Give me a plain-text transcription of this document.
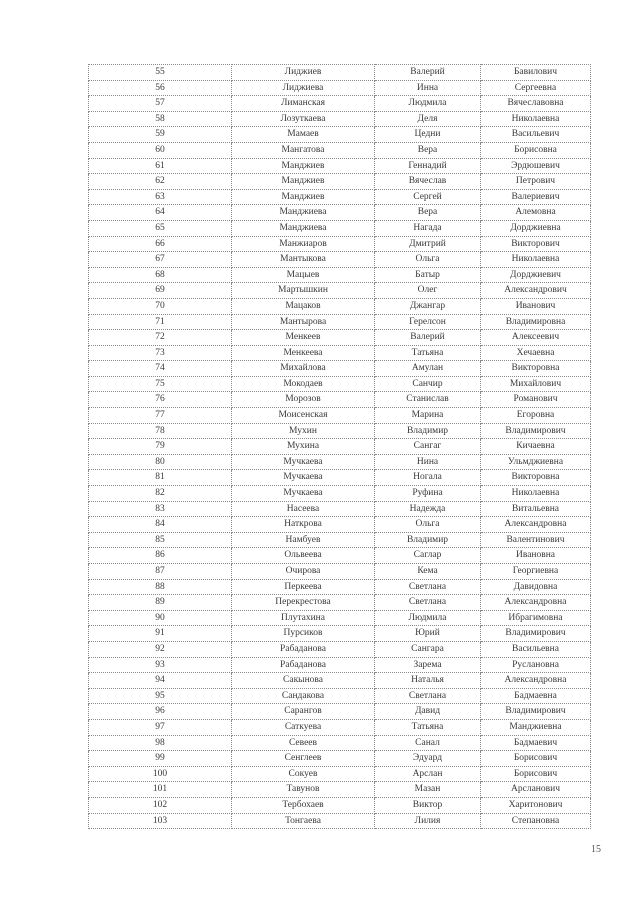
55	Лиджиев	Валерий	Бавилович
56	Лиджиева	Инна	Сергеевна
57	Лиманская	Людмила	Вячеславовна
58	Лозуткаева	Деля	Николаевна
59	Мамаев	Цедни	Васильевич
60	Мангатова	Вера	Борисовна
61	Манджиев	Геннадий	Эрдюшевич
62	Манджиев	Вячеслав	Петрович
63	Манджиев	Сергей	Валериевич
64	Манджиева	Вера	Алемовна
65	Манджиева	Нагада	Дорджиевна
66	Манжиаров	Дмитрий	Викторович
67	Мантыкова	Ольга	Николаевна
68	Мацыев	Батыр	Дорджиевич
69	Мартышкин	Олег	Александрович
70	Мацаков	Джангар	Иванович
71	Мантырова	Герелсон	Владимировна
72	Менкеев	Валерий	Алексеевич
73	Менкеева	Татьяна	Хечаевна
74	Михайлова	Амулан	Викторовна
75	Мокодаев	Санчир	Михайлович
76	Морозов	Станислав	Романович
77	Моисенская	Марина	Егоровна
78	Мухин	Владимир	Владимирович
79	Мухина	Сангаг	Кичаевна
80	Мучкаева	Нина	Ульмджиевна
81	Мучкаева	Ногала	Викторовна
82	Мучкаева	Руфина	Николаевна
83	Насеева	Надежда	Витальевна
84	Наткрова	Ольга	Александровна
85	Намбуев	Владимир	Валентинович
86	Ольвеева	Саглар	Ивановна
87	Очирова	Кема	Георгиевна
88	Перкеева	Светлана	Давидовна
89	Перекрестова	Светлана	Александровна
90	Плутахина	Людмила	Ибрагимовна
91	Пурсиков	Юрий	Владимирович
92	Рабаданова	Сангара	Васильевна
93	Рабаданова	Зарема	Руслановна
94	Сакынова	Наталья	Александровна
95	Сандакова	Светлана	Бадмаевна
96	Сарангов	Давид	Владимирович
97	Саткуева	Татьяна	Манджиевна
98	Севеев	Санал	Бадмаевич
99	Сенглеев	Эдуард	Борисович
100	Сокуев	Арслан	Борисович
101	Тавунов	Мазан	Арсланович
102	Тербохаев	Виктор	Харитонович
103	Тонгаева	Лилия	Степановна
15
